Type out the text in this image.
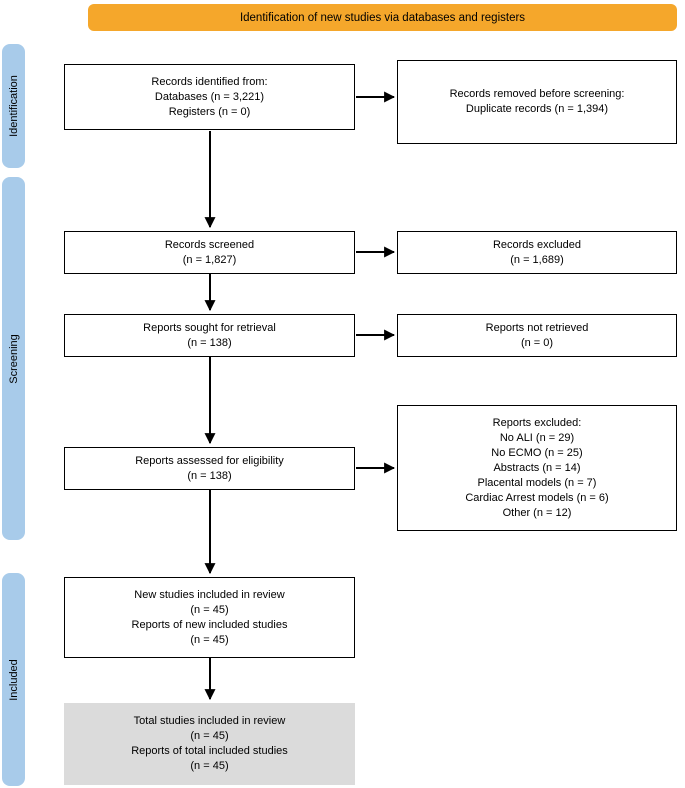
Identification of new studies via databases and registers
Identification
Screening
Included
Records identified from:
Databases (n = 3,221)
Registers (n = 0)
Records screened
(n = 1,827)
Reports sought for retrieval
(n = 138)
Reports assessed for eligibility
(n = 138)
New studies included in review
(n = 45)
Reports of new included studies
(n = 45)
Total studies included in review
(n = 45)
Reports of total included studies
(n = 45)
Records removed before screening:
Duplicate records (n = 1,394)
Records excluded
(n = 1,689)
Reports not retrieved
(n = 0)
Reports excluded:
No ALI (n = 29)
No ECMO (n = 25)
Abstracts (n = 14)
Placental models (n = 7)
Cardiac Arrest models (n = 6)
Other (n = 12)
